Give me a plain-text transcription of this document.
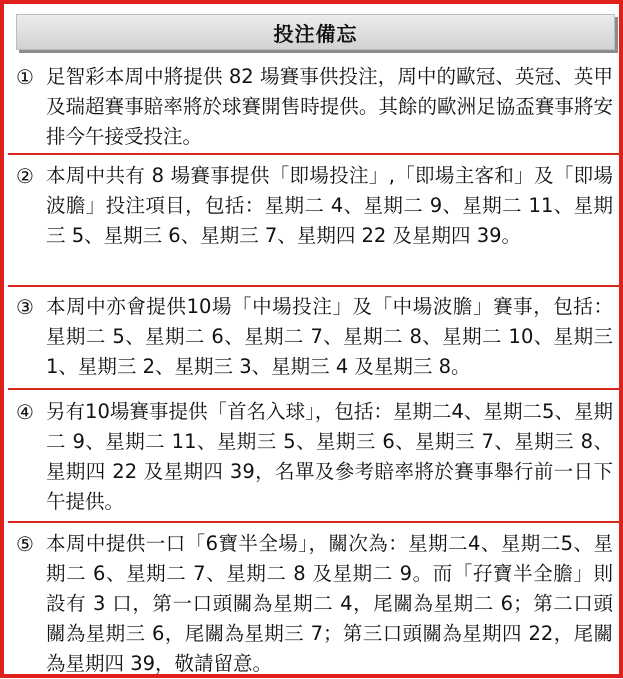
投注備忘
① 足智彩本周中將提供 82 場賽事供投注，周中的歐冠、英冠、英甲及瑞超賽事賠率將於球賽開售時提供。其餘的歐洲足協盃賽事將安排今午接受投注。
② 本周中共有 8 場賽事提供「即場投注」,「即場主客和」及「即場波膽」投注項目，包括：星期二 4、星期二 9、星期二 11、星期三 5、星期三 6、星期三 7、星期四 22 及星期四 39。
③ 本周中亦會提供10場「中場投注」及「中場波膽」賽事，包括：星期二 5、星期二 6、星期二 7、星期二 8、星期二 10、星期三 1、星期三 2、星期三 3、星期三 4 及星期三 8。
④ 另有10場賽事提供「首名入球」，包括：星期二4、星期二5、星期二 9、星期二 11、星期三 5、星期三 6、星期三 7、星期三 8、星期四 22 及星期四 39，名單及參考賠率將於賽事舉行前一日下午提供。
⑤ 本周中提供一口「6寶半全場」，關次為：星期二4、星期二5、星期二 6、星期二 7、星期二 8 及星期二 9。而「孖寶半全膽」則設有 3 口，第一口頭關為星期二 4，尾關為星期二 6；第二口頭關為星期三 6，尾關為星期三 7；第三口頭關為星期四 22，尾關為星期四 39，敬請留意。
